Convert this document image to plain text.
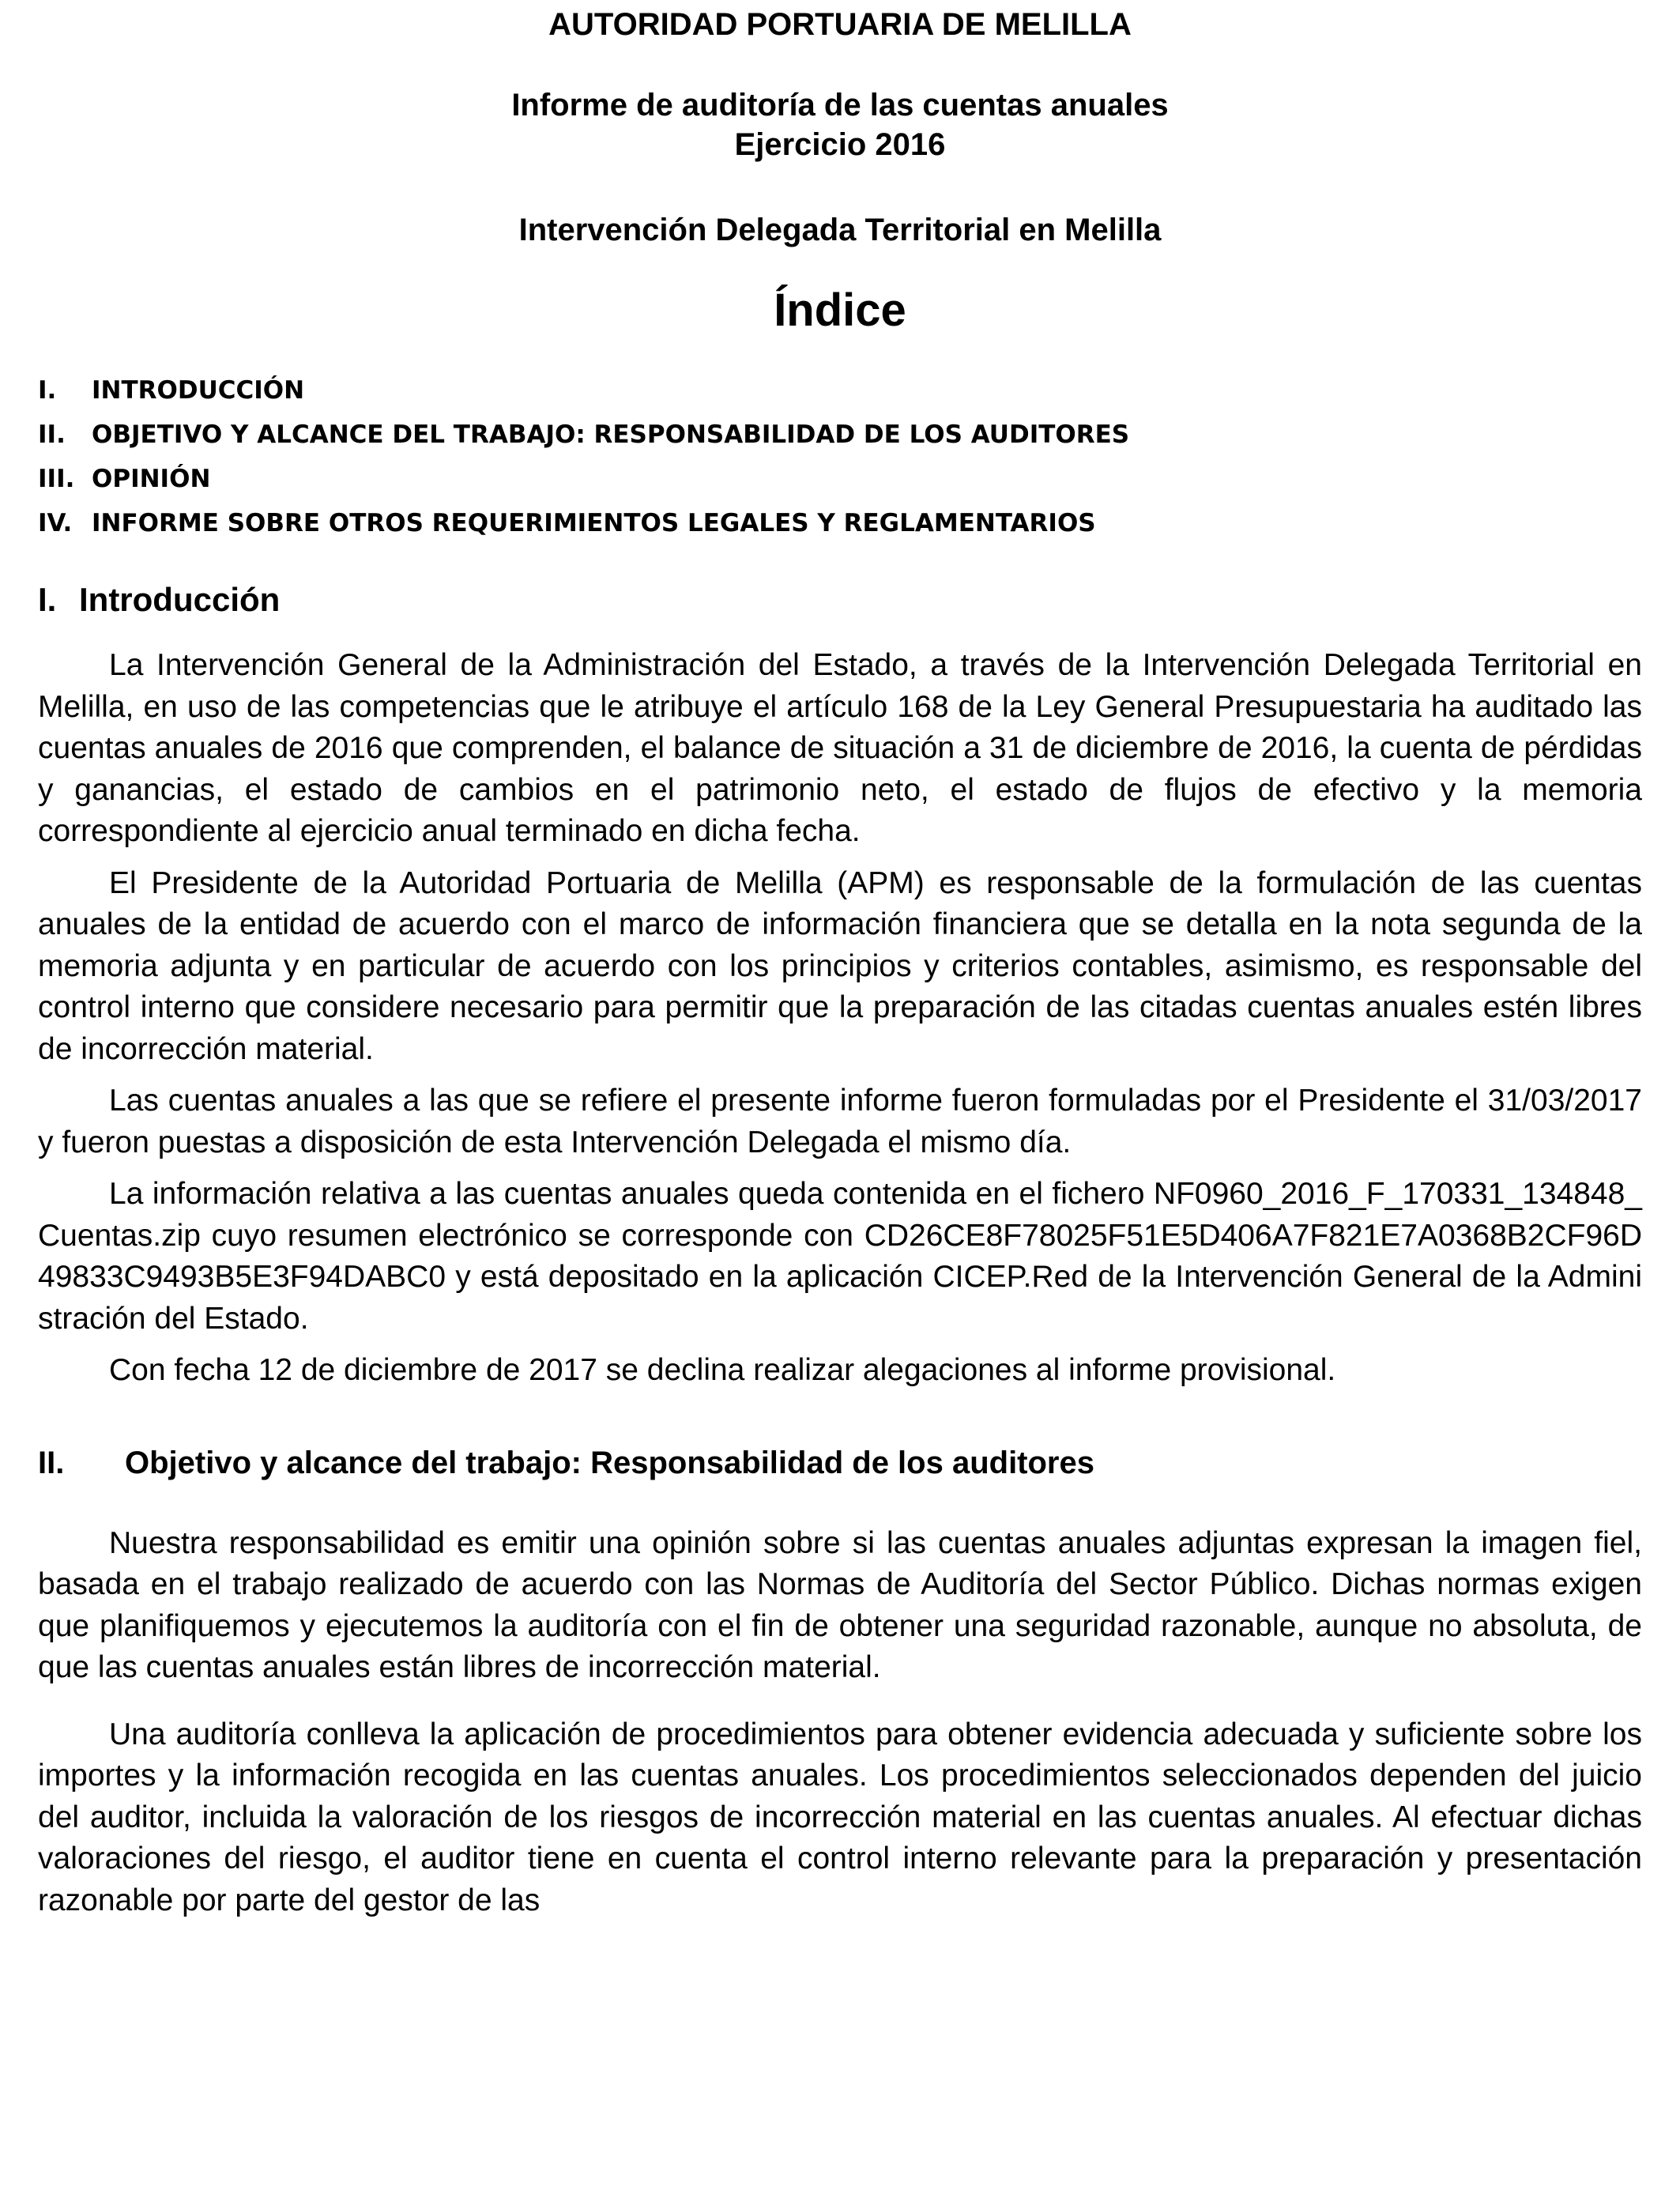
AUTORIDAD PORTUARIA DE MELILLA

Informe de auditoría de las cuentas anuales

Ejercicio 2016

Intervención Delegada Territorial en Melilla

Índice

I.	INTRODUCCIÓN
II.	OBJETIVO Y ALCANCE DEL TRABAJO: RESPONSABILIDAD DE LOS AUDITORES
III. OPINIÓN
IV. INFORME SOBRE OTROS REQUERIMIENTOS LEGALES Y REGLAMENTARIOS
I. Introducción

La Intervención General de la Administración del Estado, a través de la Intervención Delegada Territorial en Melilla, en uso de las competencias que le atribuye el artículo 168 de la Ley General Presupuestaria ha auditado las cuentas anuales de 2016 que comprenden, el balance de situación a 31 de diciembre de 2016, la cuenta de pérdidas y ganancias, el estado de cambios en el patrimonio neto, el estado de flujos de efectivo y la memoria correspondiente al ejercicio anual terminado en dicha fecha.

El Presidente de la Autoridad Portuaria de Melilla (APM) es responsable de la formulación de las cuentas anuales de la entidad de acuerdo con el marco de información financiera que se detalla en la nota segunda de la memoria adjunta y en particular de acuerdo con los principios y criterios contables, asimismo, es responsable del control interno que considere necesario para permitir que la preparación de las citadas cuentas anuales estén libres de incorrección material.

Las cuentas anuales a las que se refiere el presente informe fueron formuladas por el Presidente el 31/03/2017 y fueron puestas a disposición de esta Intervención Delegada el mismo día.

La información relativa a las cuentas anuales queda contenida en el fichero NF0960_2016_F_170331_134848_Cuentas.zip cuyo resumen electrónico se corresponde con CD26CE8F78025F51E5D406A7F821E7A0368B2CF96D49833C9493B5E3F94DABC0 y está depositado en la aplicación CICEP.Red de la Intervención General de la Administración del Estado.

Con fecha 12 de diciembre de 2017 se declina realizar alegaciones al informe provisional.

II.	Objetivo y alcance del trabajo: Responsabilidad de los auditores

Nuestra responsabilidad es emitir una opinión sobre si las cuentas anuales adjuntas expresan la imagen fiel, basada en el trabajo realizado de acuerdo con las Normas de Auditoría del Sector Público. Dichas normas exigen que planifiquemos y ejecutemos la auditoría con el fin de obtener una seguridad razonable, aunque no absoluta, de que las cuentas anuales están libres de incorrección material.

Una auditoría conlleva la aplicación de procedimientos para obtener evidencia adecuada y suficiente sobre los importes y la información recogida en las cuentas anuales. Los procedimientos seleccionados dependen del juicio del auditor, incluida la valoración de los riesgos de incorrección material en las cuentas anuales. Al efectuar dichas valoraciones del riesgo, el auditor tiene en cuenta el control interno relevante para la preparación y presentación razonable por parte del gestor de las
